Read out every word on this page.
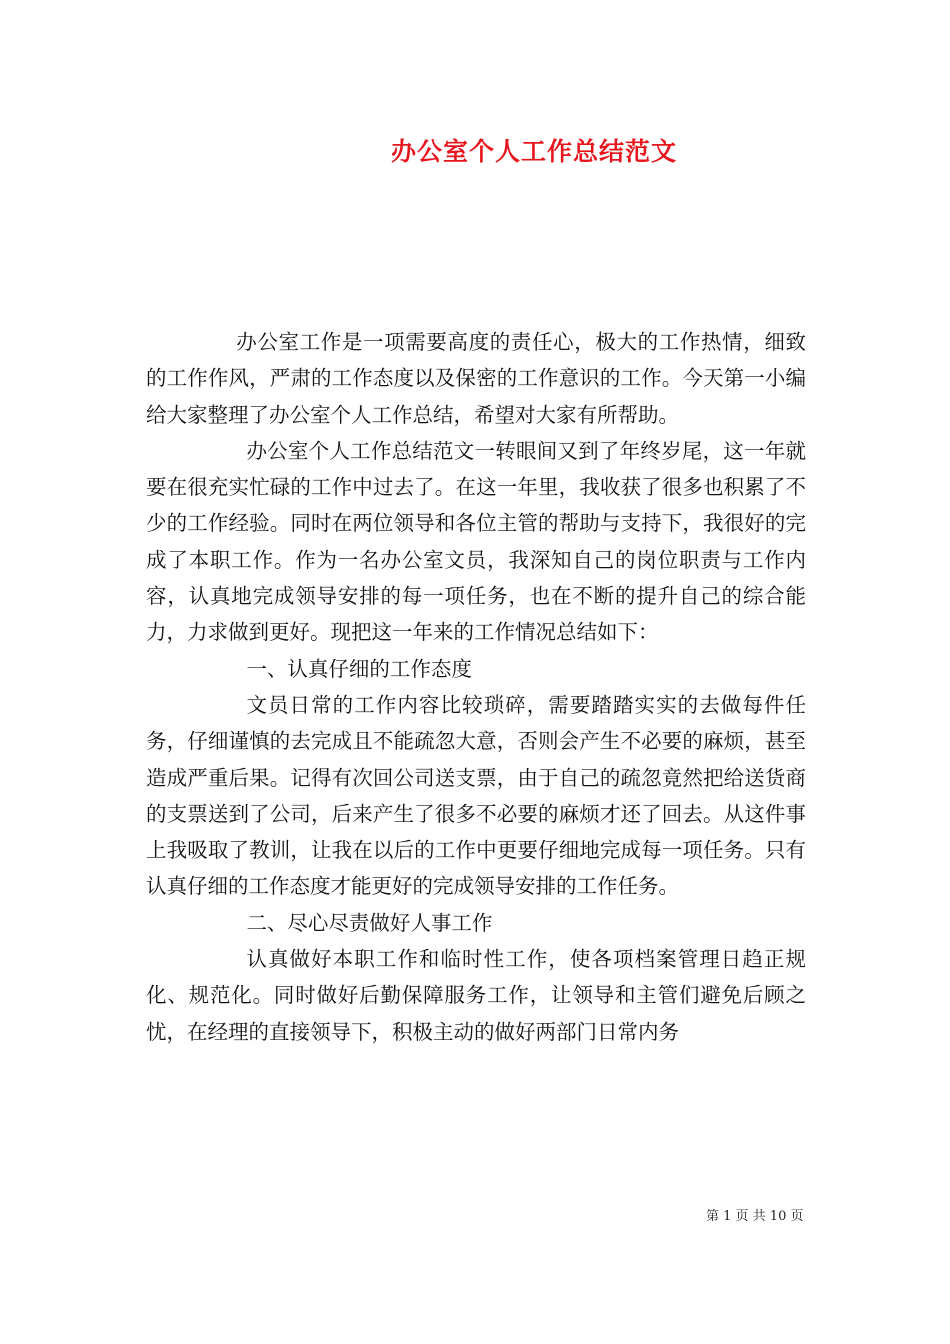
办公室个人工作总结范文

办公室工作是一项需要高度的责任心，极大的工作热情，细致的工作作风，严肃的工作态度以及保密的工作意识的工作。今天第一小编给大家整理了办公室个人工作总结，希望对大家有所帮助。

办公室个人工作总结范文一转眼间又到了年终岁尾，这一年就要在很充实忙碌的工作中过去了。在这一年里，我收获了很多也积累了不少的工作经验。同时在两位领导和各位主管的帮助与支持下，我很好的完成了本职工作。作为一名办公室文员，我深知自己的岗位职责与工作内容，认真地完成领导安排的每一项任务，也在不断的提升自己的综合能力，力求做到更好。现把这一年来的工作情况总结如下：

一、认真仔细的工作态度

文员日常的工作内容比较琐碎，需要踏踏实实的去做每件任务，仔细谨慎的去完成且不能疏忽大意，否则会产生不必要的麻烦，甚至造成严重后果。记得有次回公司送支票，由于自己的疏忽竟然把给送货商的支票送到了公司，后来产生了很多不必要的麻烦才还了回去。从这件事上我吸取了教训，让我在以后的工作中更要仔细地完成每一项任务。只有认真仔细的工作态度才能更好的完成领导安排的工作任务。

二、尽心尽责做好人事工作

认真做好本职工作和临时性工作，使各项档案管理日趋正规化、规范化。同时做好后勤保障服务工作，让领导和主管们避免后顾之忧，在经理的直接领导下，积极主动的做好两部门日常内务

第 1 页 共 10 页
